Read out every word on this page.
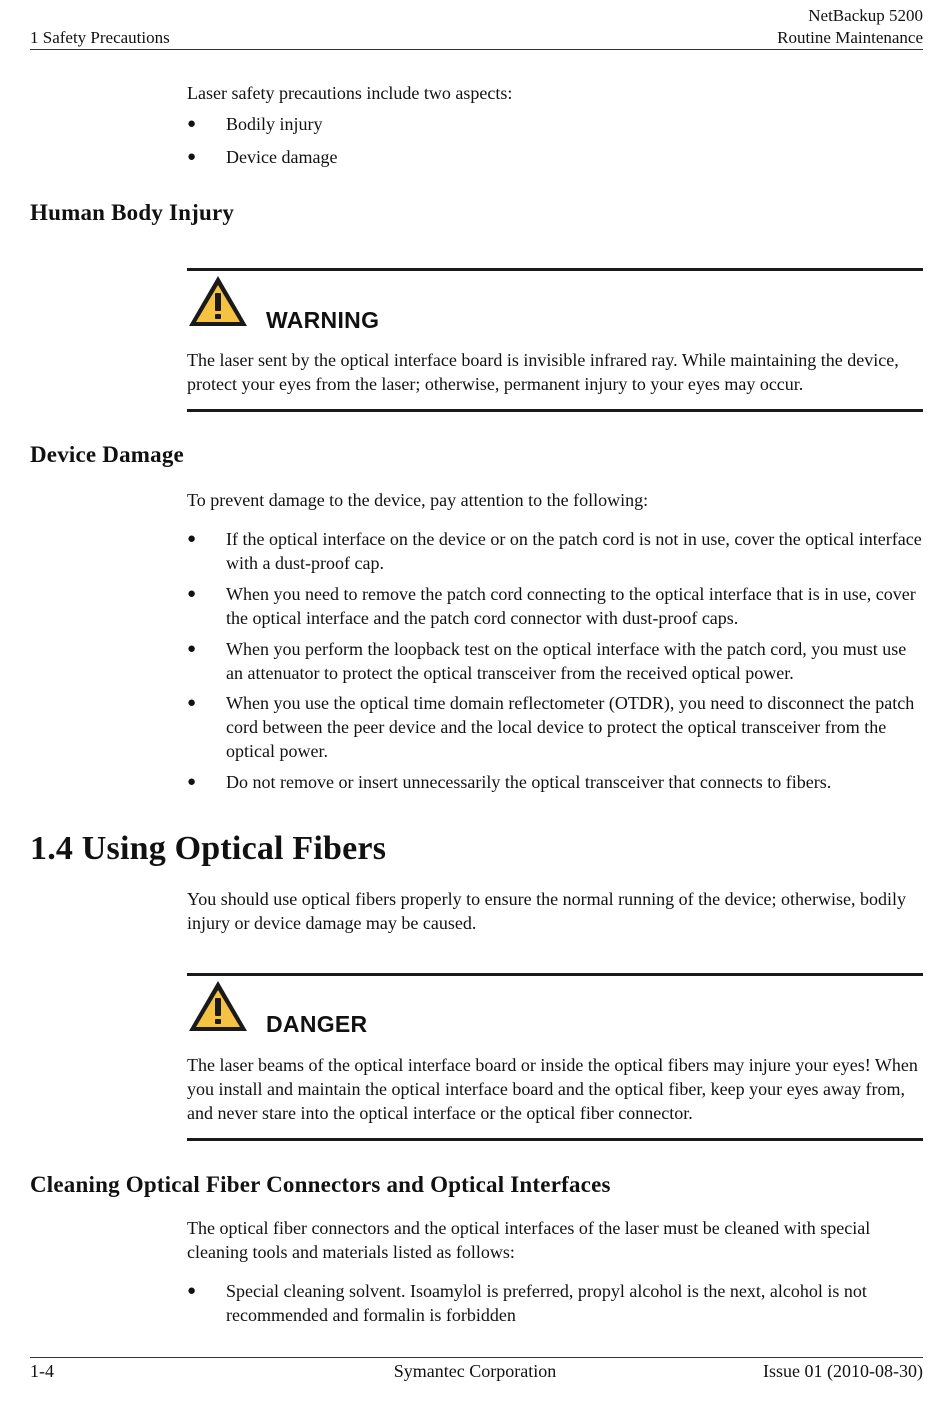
1 Safety Precautions
NetBackup 5200
Routine Maintenance
Laser safety precautions include two aspects:
●	Bodily injury
●	Device damage
Human Body Injury
WARNING
The laser sent by the optical interface board is invisible infrared ray. While maintaining the device, protect your eyes from the laser; otherwise, permanent injury to your eyes may occur.
Device Damage
To prevent damage to the device, pay attention to the following:
●	If the optical interface on the device or on the patch cord is not in use, cover the optical interface with a dust-proof cap.
●	When you need to remove the patch cord connecting to the optical interface that is in use, cover the optical interface and the patch cord connector with dust-proof caps.
●	When you perform the loopback test on the optical interface with the patch cord, you must use an attenuator to protect the optical transceiver from the received optical power.
●	When you use the optical time domain reflectometer (OTDR), you need to disconnect the patch cord between the peer device and the local device to protect the optical transceiver from the optical power.
●	Do not remove or insert unnecessarily the optical transceiver that connects to fibers.
1.4 Using Optical Fibers
You should use optical fibers properly to ensure the normal running of the device; otherwise, bodily injury or device damage may be caused.
DANGER
The laser beams of the optical interface board or inside the optical fibers may injure your eyes! When you install and maintain the optical interface board and the optical fiber, keep your eyes away from, and never stare into the optical interface or the optical fiber connector.
Cleaning Optical Fiber Connectors and Optical Interfaces
The optical fiber connectors and the optical interfaces of the laser must be cleaned with special cleaning tools and materials listed as follows:
●	Special cleaning solvent. Isoamylol is preferred, propyl alcohol is the next, alcohol is not recommended and formalin is forbidden
1-4	Symantec Corporation	Issue 01 (2010-08-30)
